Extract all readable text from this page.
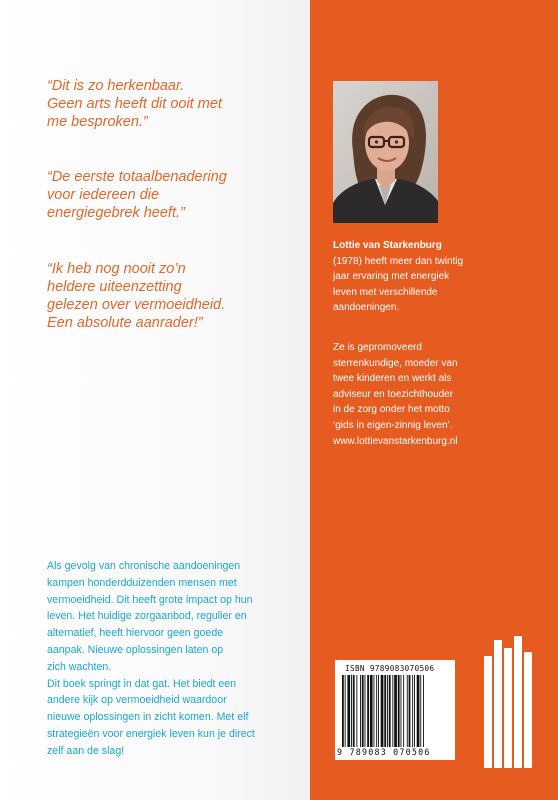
“Dit is zo herkenbaar.
Geen arts heeft dit ooit met
me besproken.”
“De eerste totaalbenadering
voor iedereen die
energiegebrek heeft.”
“Ik heb nog nooit zo’n
heldere uiteenzetting
gelezen over vermoeidheid.
Een absolute aanrader!”
Als gevolg van chronische aandoeningen
kampen honderdduizenden mensen met
vermoeidheid. Dit heeft grote impact op hun
leven. Het huidige zorgaanbod, regulier en
alternatief, heeft hiervoor geen goede
aanpak. Nieuwe oplossingen laten op
zich wachten.
Dit boek springt in dat gat. Het biedt een
andere kijk op vermoeidheid waardoor
nieuwe oplossingen in zicht komen. Met elf
strategieën voor energiek leven kun je direct
zelf aan de slag!
Lottie van Starkenburg
(1978) heeft meer dan twintig
jaar ervaring met energiek
leven met verschillende
aandoeningen.
Ze is gepromoveerd
sterrenkundige, moeder van
twee kinderen en werkt als
adviseur en toezichthouder
in de zorg onder het motto
‘gids in eigen-zinnig leven’.
www.lottievanstarkenburg.nl
ISBN 9789083070506
9 789083 070506
